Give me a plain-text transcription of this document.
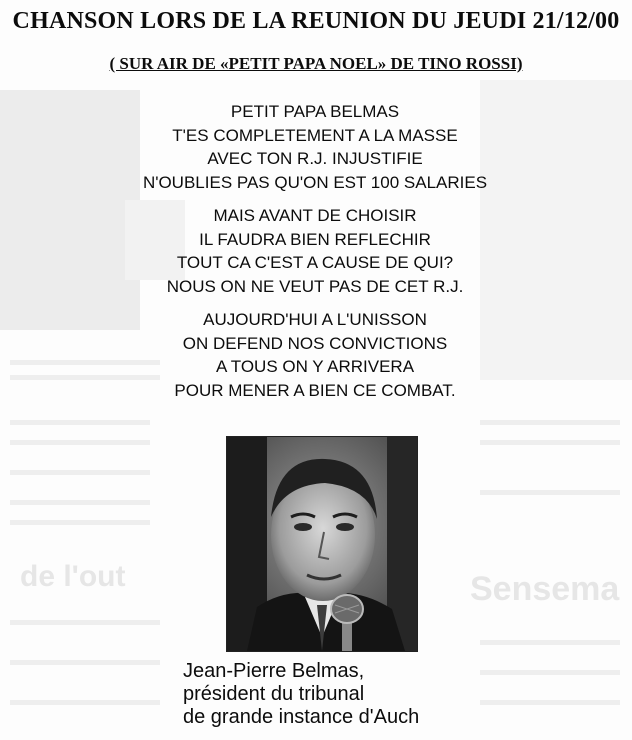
Sensema
de l'out
CHANSON LORS DE LA REUNION DU JEUDI 21/12/00
( SUR AIR DE «PETIT PAPA NOEL» DE TINO ROSSI)
PETIT PAPA BELMAS
T'ES COMPLETEMENT A LA MASSE
AVEC TON R.J. INJUSTIFIE
N'OUBLIES PAS QU'ON EST 100 SALARIES
MAIS AVANT DE CHOISIR
IL FAUDRA BIEN REFLECHIR
TOUT CA C'EST A CAUSE DE QUI?
NOUS ON NE VEUT PAS DE CET R.J.
AUJOURD'HUI A L'UNISSON
ON DEFEND NOS CONVICTIONS
A TOUS ON Y ARRIVERA
POUR MENER A BIEN CE COMBAT.
Jean-Pierre Belmas,
président du tribunal
de grande instance d'Auch
